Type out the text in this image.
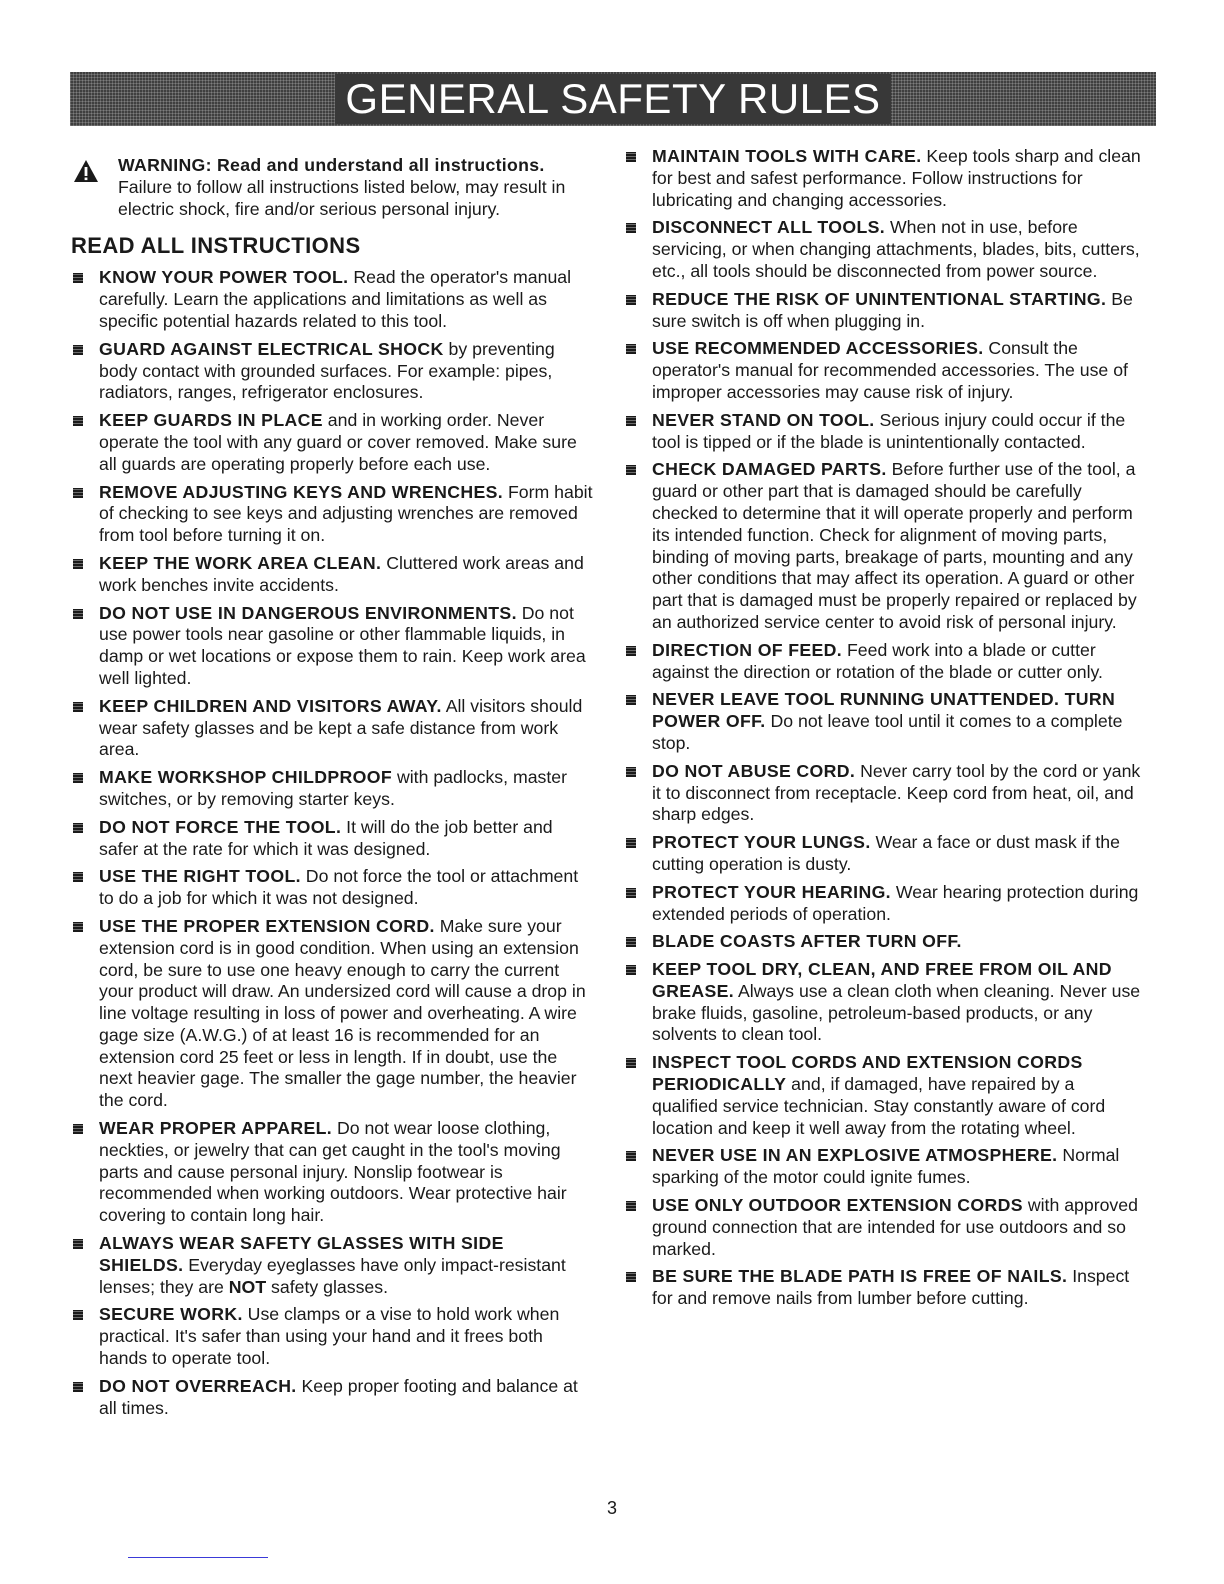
GENERAL SAFETY RULES
WARNING: Read and understand all instructions. Failure to follow all instructions listed below, may result in electric shock, fire and/or serious personal injury.
READ ALL INSTRUCTIONS
KNOW YOUR POWER TOOL. Read the operator's manual carefully. Learn the applications and limitations as well as specific potential hazards related to this tool.
GUARD AGAINST ELECTRICAL SHOCK by preventing body contact with grounded surfaces. For example: pipes, radiators, ranges, refrigerator enclosures.
KEEP GUARDS IN PLACE and in working order. Never operate the tool with any guard or cover removed. Make sure all guards are operating properly before each use.
REMOVE ADJUSTING KEYS AND WRENCHES. Form habit of checking to see keys and adjusting wrenches are removed from tool before turning it on.
KEEP THE WORK AREA CLEAN. Cluttered work areas and work benches invite accidents.
DO NOT USE IN DANGEROUS ENVIRONMENTS. Do not use power tools near gasoline or other flammable liquids, in damp or wet locations or expose them to rain. Keep work area well lighted.
KEEP CHILDREN AND VISITORS AWAY. All visitors should wear safety glasses and be kept a safe distance from work area.
MAKE WORKSHOP CHILDPROOF with padlocks, master switches, or by removing starter keys.
DO NOT FORCE THE TOOL. It will do the job better and safer at the rate for which it was designed.
USE THE RIGHT TOOL. Do not force the tool or attachment to do a job for which it was not designed.
USE THE PROPER EXTENSION CORD. Make sure your extension cord is in good condition. When using an extension cord, be sure to use one heavy enough to carry the current your product will draw. An undersized cord will cause a drop in line voltage resulting in loss of power and overheating. A wire gage size (A.W.G.) of at least 16 is recommended for an extension cord 25 feet or less in length. If in doubt, use the next heavier gage. The smaller the gage number, the heavier the cord.
WEAR PROPER APPAREL. Do not wear loose clothing, neckties, or jewelry that can get caught in the tool's moving parts and cause personal injury. Nonslip footwear is recommended when working outdoors. Wear protective hair covering to contain long hair.
ALWAYS WEAR SAFETY GLASSES WITH SIDE SHIELDS. Everyday eyeglasses have only impact-resistant lenses; they are NOT safety glasses.
SECURE WORK. Use clamps or a vise to hold work when practical. It's safer than using your hand and it frees both hands to operate tool.
DO NOT OVERREACH. Keep proper footing and balance at all times.
MAINTAIN TOOLS WITH CARE. Keep tools sharp and clean for best and safest performance. Follow instructions for lubricating and changing accessories.
DISCONNECT ALL TOOLS. When not in use, before servicing, or when changing attachments, blades, bits, cutters, etc., all tools should be disconnected from power source.
REDUCE THE RISK OF UNINTENTIONAL STARTING. Be sure switch is off when plugging in.
USE RECOMMENDED ACCESSORIES. Consult the operator's manual for recommended accessories. The use of improper accessories may cause risk of injury.
NEVER STAND ON TOOL. Serious injury could occur if the tool is tipped or if the blade is unintentionally contacted.
CHECK DAMAGED PARTS. Before further use of the tool, a guard or other part that is damaged should be carefully checked to determine that it will operate properly and perform its intended function. Check for alignment of moving parts, binding of moving parts, breakage of parts, mounting and any other conditions that may affect its operation. A guard or other part that is damaged must be properly repaired or replaced by an authorized service center to avoid risk of personal injury.
DIRECTION OF FEED. Feed work into a blade or cutter against the direction or rotation of the blade or cutter only.
NEVER LEAVE TOOL RUNNING UNATTENDED. TURN POWER OFF. Do not leave tool until it comes to a complete stop.
DO NOT ABUSE CORD. Never carry tool by the cord or yank it to disconnect from receptacle. Keep cord from heat, oil, and sharp edges.
PROTECT YOUR LUNGS. Wear a face or dust mask if the cutting operation is dusty.
PROTECT YOUR HEARING. Wear hearing protection during extended periods of operation.
BLADE COASTS AFTER TURN OFF.
KEEP TOOL DRY, CLEAN, AND FREE FROM OIL AND GREASE. Always use a clean cloth when cleaning. Never use brake fluids, gasoline, petroleum-based products, or any solvents to clean tool.
INSPECT TOOL CORDS AND EXTENSION CORDS PERIODICALLY and, if damaged, have repaired by a qualified service technician. Stay constantly aware of cord location and keep it well away from the rotating wheel.
NEVER USE IN AN EXPLOSIVE ATMOSPHERE. Normal sparking of the motor could ignite fumes.
USE ONLY OUTDOOR EXTENSION CORDS with approved ground connection that are intended for use outdoors and so marked.
BE SURE THE BLADE PATH IS FREE OF NAILS. Inspect for and remove nails from lumber before cutting.
3
